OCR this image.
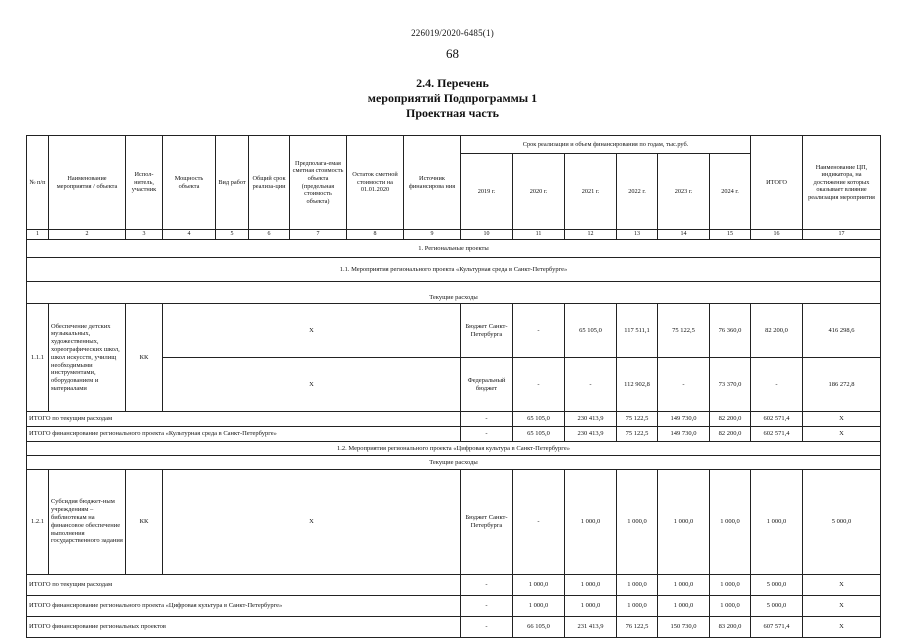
226019/2020-6485(1)
68
2.4. Перечень
мероприятий Подпрограммы 1
Проектная часть
№ п/п	Наименование мероприятия / объекта	Испол-нитель, участник	Мощность объекта	Вид работ	Общий срок реализа-ции	Предполага-емая сметная стоимость объекта (предельная стоимость объекта)	Остаток сметной стоимости на 01.01.2020	Источник финансирова ния	Срок реализации и объем финансирования по годам, тыс.руб.						ИТОГО	Наименование ЦП, индикатора, на достижение которых оказывает влияние реализация мероприятия	
									2019 г.	2020 г.	2021 г.	2022 г.	2023 г.	2024 г.			
1	2	3	4	5	6	7	8	9	10	11	12	13	14	15	16	17	
1. Региональные проекты																	
1.1. Мероприятия регионального проекта «Культурная среда в Санкт-Петербурге»																	
Текущие расходы																	
1.1.1	Обеспечение детских музыкальных, художественных, хореографических школ, школ искусств, училищ необходимыми инструментами, оборудованием и материалами	КК	Х						Бюджет Санкт-Петербурга	-	65 105,0	117 511,1	75 122,5	76 360,0	82 200,0	416 298,6	
			Х						Федеральный бюджет	-	-	112 902,8	-	73 370,0	-	186 272,8	
ИТОГО по текущим расходам									-	65 105,0	230 413,9	75 122,5	149 730,0	82 200,0	602 571,4	Х	
ИТОГО финансирование регионального проекта «Культурная среда в Санкт-Петербурге»									-	65 105,0	230 413,9	75 122,5	149 730,0	82 200,0	602 571,4	Х	
1.2. Мероприятия регионального проекта «Цифровая культура в Санкт-Петербурге»																	
Текущие расходы																	
1.2.1	Субсидия бюджет-ным учреждениям – библиотекам на финансовое обеспечение выполнения государственного задания	КК	Х						Бюджет Санкт-Петербурга	-	1 000,0	1 000,0	1 000,0	1 000,0	1 000,0	5 000,0	
ИТОГО по текущим расходам									-	1 000,0	1 000,0	1 000,0	1 000,0	1 000,0	5 000,0	Х	
ИТОГО финансирование регионального проекта «Цифровая культура в Санкт-Петербурге»									-	1 000,0	1 000,0	1 000,0	1 000,0	1 000,0	5 000,0	Х	
ИТОГО финансирование региональных проектов									-	66 105,0	231 413,9	76 122,5	150 730,0	83 200,0	607 571,4	Х	
